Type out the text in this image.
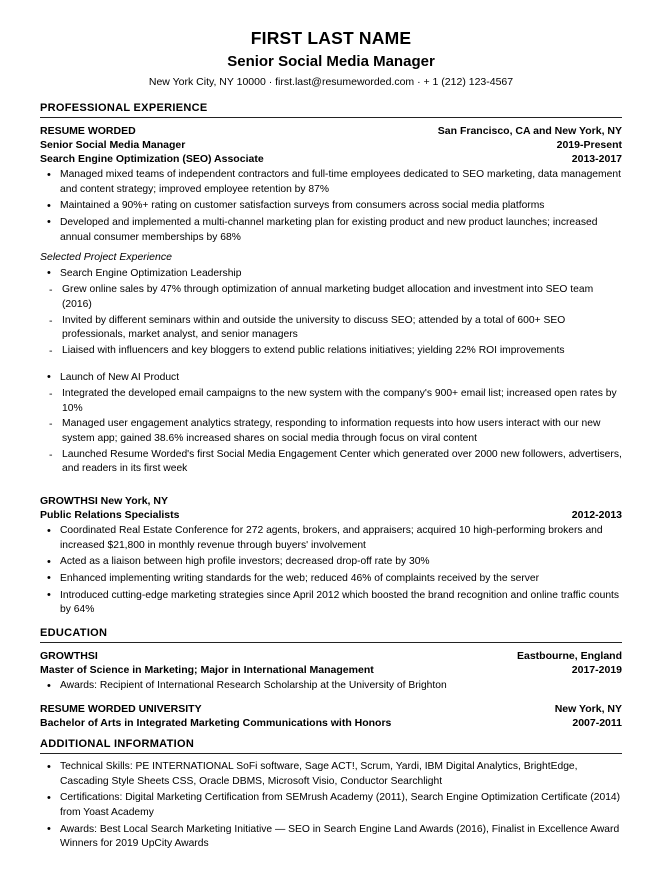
FIRST LAST NAME
Senior Social Media Manager
New York City, NY 10000 · first.last@resumeworded.com · + 1 (212) 123-4567
PROFESSIONAL EXPERIENCE
RESUME WORDED	San Francisco, CA and New York, NY
Senior Social Media Manager	2019-Present
Search Engine Optimization (SEO) Associate	2013-2017
• Managed mixed teams of independent contractors and full-time employees dedicated to SEO marketing, data management and content strategy; improved employee retention by 87%
• Maintained a 90%+ rating on customer satisfaction surveys from consumers across social media platforms
• Developed and implemented a multi-channel marketing plan for existing product and new product launches; increased annual consumer memberships by 68%
Selected Project Experience
• Search Engine Optimization Leadership
- Grew online sales by 47% through optimization of annual marketing budget allocation and investment into SEO team (2016)
- Invited by different seminars within and outside the university to discuss SEO; attended by a total of 600+ SEO professionals, market analyst, and senior managers
- Liaised with influencers and key bloggers to extend public relations initiatives; yielding 22% ROI improvements
• Launch of New AI Product
- Integrated the developed email campaigns to the new system with the company's 900+ email list; increased open rates by 10%
- Managed user engagement analytics strategy, responding to information requests into how users interact with our new system app; gained 38.6% increased shares on social media through focus on viral content
- Launched Resume Worded's first Social Media Engagement Center which generated over 2000 new followers, advertisers, and readers in its first week
GROWTHSI New York, NY
Public Relations Specialists	2012-2013
• Coordinated Real Estate Conference for 272 agents, brokers, and appraisers; acquired 10 high-performing brokers and increased $21,800 in monthly revenue through buyers' involvement
• Acted as a liaison between high profile investors; decreased drop-off rate by 30%
• Enhanced implementing writing standards for the web; reduced 46% of complaints received by the server
• Introduced cutting-edge marketing strategies since April 2012 which boosted the brand recognition and online traffic counts by 64%
EDUCATION
GROWTHSI	Eastbourne, England
Master of Science in Marketing; Major in International Management	2017-2019
• Awards: Recipient of International Research Scholarship at the University of Brighton
RESUME WORDED UNIVERSITY	New York, NY
Bachelor of Arts in Integrated Marketing Communications with Honors	2007-2011
ADDITIONAL INFORMATION
• Technical Skills: PE INTERNATIONAL SoFi software, Sage ACT!, Scrum, Yardi, IBM Digital Analytics, BrightEdge, Cascading Style Sheets CSS, Oracle DBMS, Microsoft Visio, Conductor Searchlight
• Certifications: Digital Marketing Certification from SEMrush Academy (2011), Search Engine Optimization Certificate (2014) from Yoast Academy
• Awards: Best Local Search Marketing Initiative — SEO in Search Engine Land Awards (2016), Finalist in Excellence Award Winners for 2019 UpCity Awards
